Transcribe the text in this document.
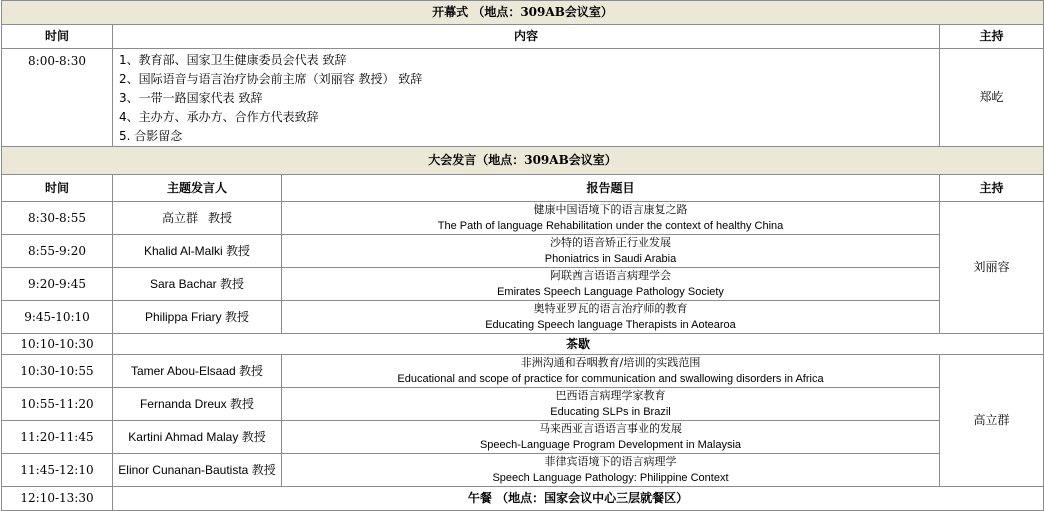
开幕式 （地点：309AB会议室）			
时间	内容		主持
8:00-8:30	1、教育部、国家卫生健康委员会代表 致辞
2、国际语音与语言治疗协会前主席（刘丽容 教授） 致辞
3、一带一路国家代表 致辞
4、主办方、承办方、合作方代表致辞
5. 合影留念		郑屹
大会发言（地点：309AB会议室）			
时间	主题发言人	报告题目	主持
8:30-8:55	高立群 教授	健康中国语境下的语言康复之路
The Path of language Rehabilitation under the context of healthy China	刘丽容
8:55-9:20	Khalid Al-Malki 教授	沙特的语音矫正行业发展
Phoniatrics in Saudi Arabia	

9:20-9:45	Sara Bachar 教授	阿联酋言语语言病理学会
Emirates Speech Language Pathology Society	

9:45-10:10	Philippa Friary 教授	奥特亚罗瓦的语言治疗师的教育
Educating Speech language Therapists in Aotearoa	

10:10-10:30	茶歇		
10:30-10:55	Tamer Abou-Elsaad 教授	非洲沟通和吞咽教育/培训的实践范围
Educational and scope of practice for communication and swallowing disorders in Africa	高立群
10:55-11:20	Fernanda Dreux 教授	巴西语言病理学家教育
Educating SLPs in Brazil	

11:20-11:45	Kartini Ahmad Malay 教授	马来西亚言语语言事业的发展
Speech-Language Program Development in Malaysia	

11:45-12:10	Elinor Cunanan-Bautista 教授	菲律宾语境下的语言病理学
Speech Language Pathology: Philippine Context	

12:10-13:30	午餐 （地点：国家会议中心三层就餐区）		
